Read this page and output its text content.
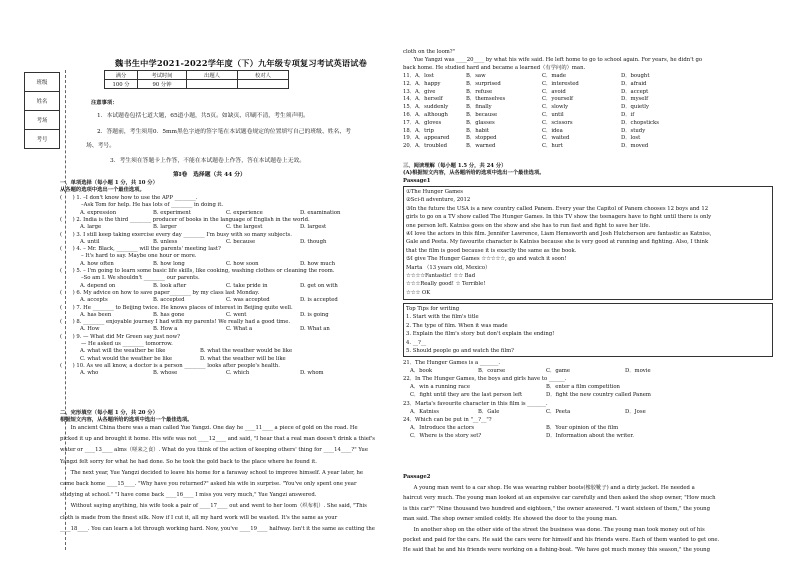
魏书生中学2021-2022学年度（下）九年级专项复习考试英语试卷
班级
姓名
考场
考号
满分	考试时间	出题人	校对人
100 分	90 分钟		
注意事项：
1．本试题卷包括七道大题，65道小题，共5页。如缺页、印刷不清，考生须声明。
2．答题前，考生须用0．5mm黑色字迹的签字笔在本试题卷规定的位置填写自己的班级、姓名、考
场、考号。
3．考生须在答题卡上作答，不能在本试题卷上作答，答在本试题卷上无效。
第Ⅰ卷　选择题（共 44 分）
一、单项选择（每小题 1 分，共 10 分）
从各题的选项中选出一个最佳选项。
(　　) 1. –I don't know how to use the APP ________.
–Ask Tom for help. He has lots of ________ in doing it.
A. expression	B. experiment	C. experience	D. examination
(　　) 2. India is the third ________ producer of books in the language of English in the world.
A. large	B. larger	C. the largest	D. largest
(　　) 3. I still keep taking exercise every day ________ I'm busy with so many subjects.
A. until	B. unless	C. because	D. though
(　　) 4. – Mr. Black, ________ will the parents' meeting last?
– It's hard to say. Maybe one hour or more.
A. how often	B. how long	C. how soon	D. how much
(　　) 5. – I'm going to learn some basic life skills, like cooking, washing clothes or cleaning the room.
–So am I. We shouldn't ________ our parents.
A. depend on	B. look after	C. take pride in	D. get on with
(　　) 6. My advice on how to save paper________ by my class last Monday.
A. accepts	B. accepted	C. was accepted	D. is accepted
(　　) 7. He ________ to Beijing twice. He knows places of interest in Beijing quite well.
A. has been	B. has gone	C. went	D. is going
(　　) 8. ________ enjoyable journey I had with my parents! We really had a good time.
A. How	B. How a	C. What a	D. What an
(　　) 9. — What did Mr Green say just now?
— He asked us ________ tomorrow.
A. what will the weather be like	B. what the weather would be like
C. what would the weather be like	D. what the weather will be like
(　　) 10. As we all know, a doctor is a person ________ looks after people's health.
A. who	B. whose	C. which	D. whom
二、完形填空（每小题 1 分，共 20 分）
根据短文内容，从各题所给的选项中选出一个最佳选项。
　　In ancient China there was a man called Yue Yangzi. One day he ____11____ a piece of gold on the road. He
picked it up and brought it home. His wife was not ____12____ and said, "I hear that a real man doesn't drink a thief's
water or ____13____ alms（嗟来之食）. What do you think of the action of keeping others' thing for ____14____?" Yue
Yangzi felt sorry for what he had done. So he took the gold back to the place where he found it.
　　The next year, Yue Yangzi decided to leave his home for a faraway school to improve himself. A year later, he
came back home ____15____. "Why have you returned?" asked his wife in surprise. "You've only spent one year
studying at school." "I have come back ____16____ I miss you very much," Yue Yangzi answered.
　　Without saying anything, his wife took a pair of ____17____ out and went to her loom（织布机）. She said, "This
cloth is made from the finest silk. Now if I cut it, all my hard work will be wasted. It's the same as your
____18____. You can learn a lot through working hard. Now, you've ____19____ halfway. Isn't it the same as cutting the
cloth on the loom?"
　　Yue Yangzi was ____20____ by what his wife said. He left home to go to school again. For years, he didn't go
back home. He studied hard and became a learned（有学问的）man.
11．A．lost	B．saw	C．made	D．bought
12．A．happy	B．surprised	C．interested	D．afraid
13．A．give	B．refuse	C．avoid	D．accept
14．A．herself	B．themselves	C．yourself	D．myself
15．A．suddenly	B．finally	C．slowly	D．quietly
16．A．although	B．because	C．until	D．if
17．A．gloves	B．glasses	C．scissors	D．chopsticks
18．A．trip	B．habit	C．idea	D．study
19．A．appeared	B．stopped	C．waited	D．lost
20．A．troubled	B．warned	C．hurt	D．moved
三、阅读理解（每小题 1.5 分，共 24 分）
(A)根据短文内容，从各题所给的选项中选出一个最佳选项。
Passage1
①The Hunger Games
②Sci-fi adventure, 2012
③In the future the USA is a new country called Panem. Every year the Capitol of Panem chooses 12 boys and 12
girls to go on a TV show called The Hunger Games. In this TV show the teenagers have to fight until there is only
one person left. Katniss goes on the show and she has to run fast and fight to save her life.
④I love the actors in this film. Jennifer Lawrence, Liam Hemsworth and Josh Hutcherson are fantastic as Katniss,
Gale and Peeta. My favourite character is Katniss because she is very good at running and fighting. Also, I think
that the film is good because it is exactly the same as the book.
⑤I give The Hunger Games ☆☆☆☆☆, go and watch it soon!
Marta （13 years old, Mexico）
☆☆☆☆Fantastic! ☆☆ Bad
☆☆☆Really good! ☆ Terrible!
☆☆☆ OK
Top Tips for writing
1. Start with the film's title
2. The type of film. When it was made
3. Explain the film's story but don't explain the ending!
4. __?__
5. Should people go and watch the film?
21．The Hunger Games is a _______.
A．book	B．course	C．game	D．movie
22．In The Hunger Games, the boys and girls have to ______.
A．win a running race	B．enter a film competition
C．fight until they are the last person left	D．fight the new country called Panem
23．Marta's favourite character in this film is _______.
A．Katniss	B．Gale	C．Peeta	D．Jose
24．Which can be put in "__?__"?
A．Introduce the actors	B．Your opinion of the film
C．Where is the story set?	D．Information about the writer.
Passage2
　　A young man went to a car shop. He was wearing rubber boots(橡胶靴子) and a dirty jacket. He needed a
haircut very much. The young man looked at an expensive car carefully and then asked the shop owner, "How much
is this car?" "Nine thousand two hundred and eighteen," the owner answered. "I want sixteen of them," the young
man said. The shop owner smiled coldly. He showed the door to the young man.
　　In another shop on the other side of the street the business was done. The young man took money out of his
pocket and paid for the cars. He said the cars were for himself and his friends were. Each of them wanted to get one.
He said that he and his friends were working on a fishing-boat. "We have got much money this season," the young
